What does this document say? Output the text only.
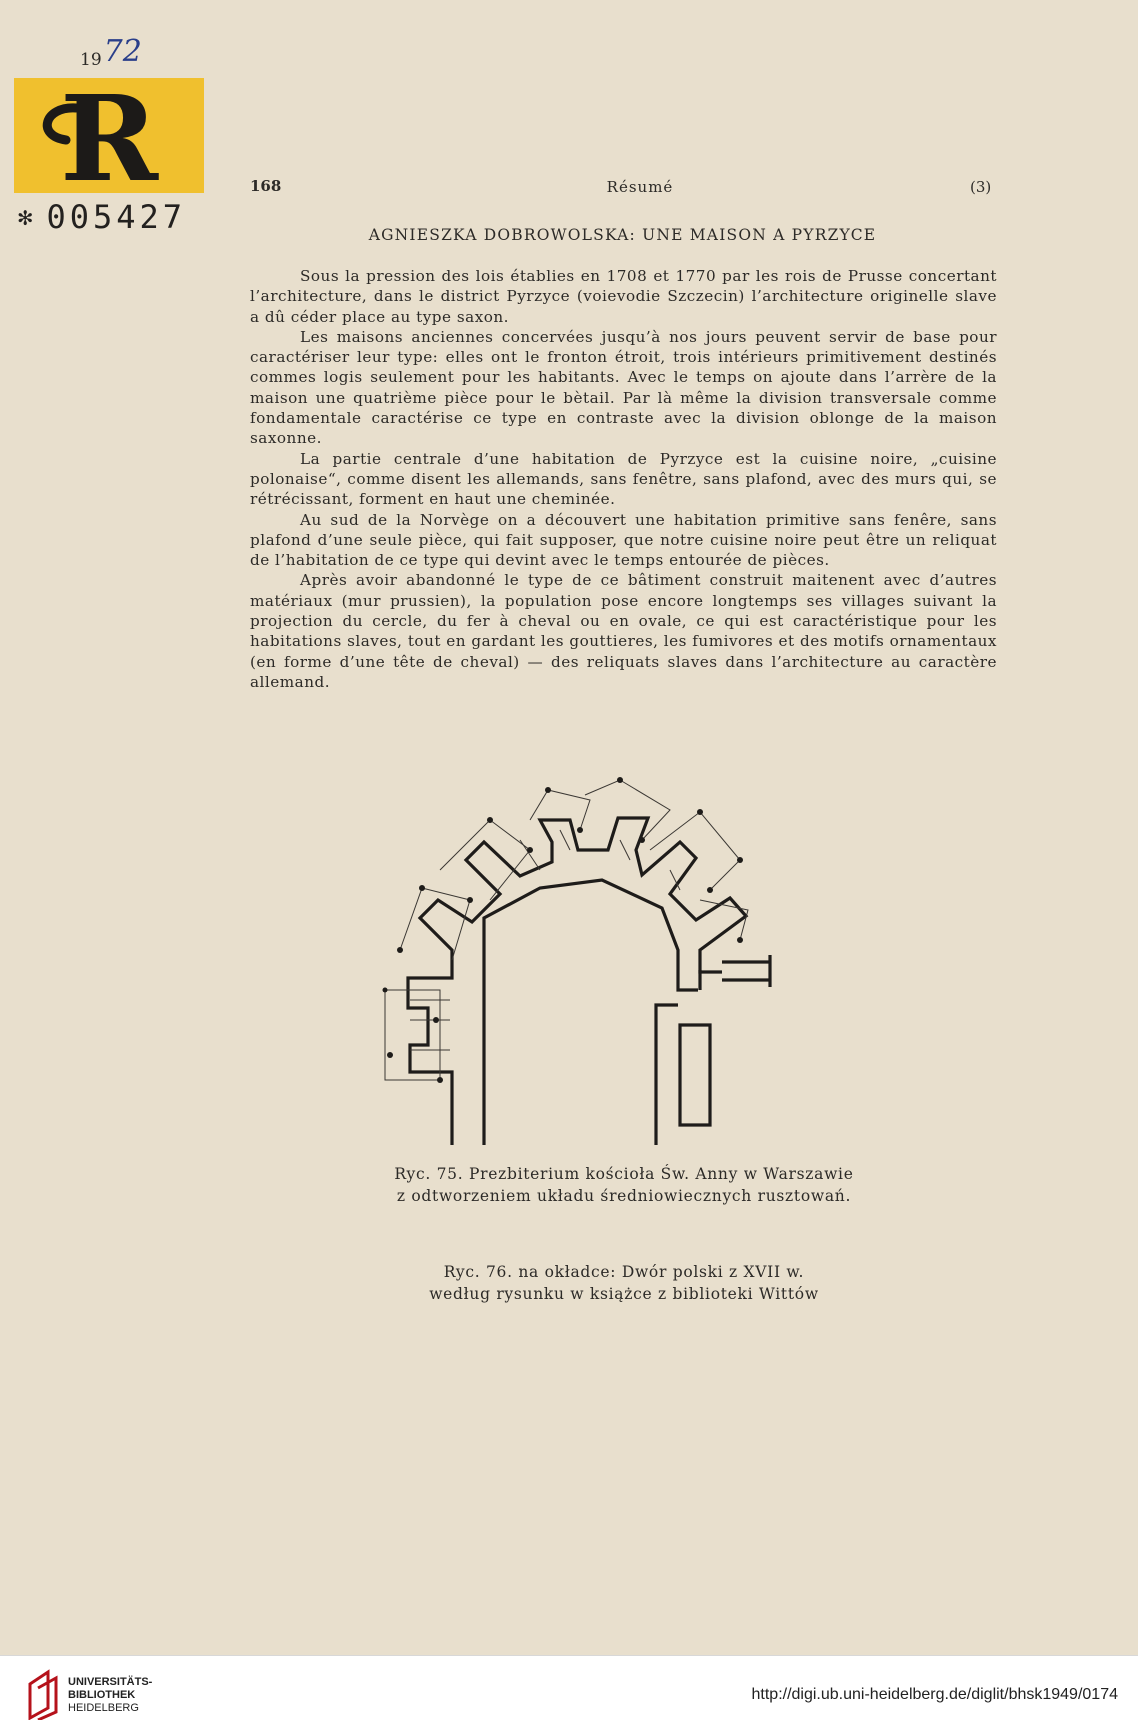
1972
R
✻ 005427
168	Résumé	(3)
AGNIESZKA DOBROWOLSKA: UNE MAISON A PYRZYCE

Sous la pression des lois établies en 1708 et 1770 par les rois de Prusse concertant l’architecture, dans le district Pyrzyce (voievodie Szczecin) l’architecture originelle slave a dû céder place au type saxon.

Les maisons anciennes concervées jusqu’à nos jours peuvent servir de base pour caractériser leur type: elles ont le fronton étroit, trois intérieurs primitivement destinés commes logis seulement pour les habitants. Avec le temps on ajoute dans l’arrère de la maison une quatrième pièce pour le bètail. Par là même la division transversale comme fondamentale caractérise ce type en contraste avec la division oblonge de la maison saxonne.

La partie centrale d’une habitation de Pyrzyce est la cuisine noire, „cuisine polonaise“, comme disent les allemands, sans fenêtre, sans plafond, avec des murs qui, se rétrécissant, forment en haut une cheminée.

Au sud de la Norvège on a découvert une habitation primitive sans fenêre, sans plafond d’une seule pièce, qui fait supposer, que notre cuisine noire peut être un reliquat de l’habitation de ce type qui devint avec le temps entourée de pièces.

Après avoir abandonné le type de ce bâtiment construit maitenent avec d’autres matériaux (mur prussien), la population pose encore longtemps ses villages suivant la projection du cercle, du fer à cheval ou en ovale, ce qui est caractéristique pour les habitations slaves, tout en gardant les gouttieres, les fumivores et des motifs ornamentaux (en forme d’une tête de cheval) — des reliquats slaves dans l’architecture au caractère allemand.

Ryc. 75. Prezbiterium kościoła Św. Anny w Warszawie
z odtworzeniem układu średniowiecznych rusztowań.
Ryc. 76. na okładce: Dwór polski z XVII w.
według rysunku w książce z biblioteki Wittów
UNIVERSITÄTS-
BIBLIOTHEK
HEIDELBERG
http://digi.ub.uni-heidelberg.de/diglit/bhsk1949/0174
